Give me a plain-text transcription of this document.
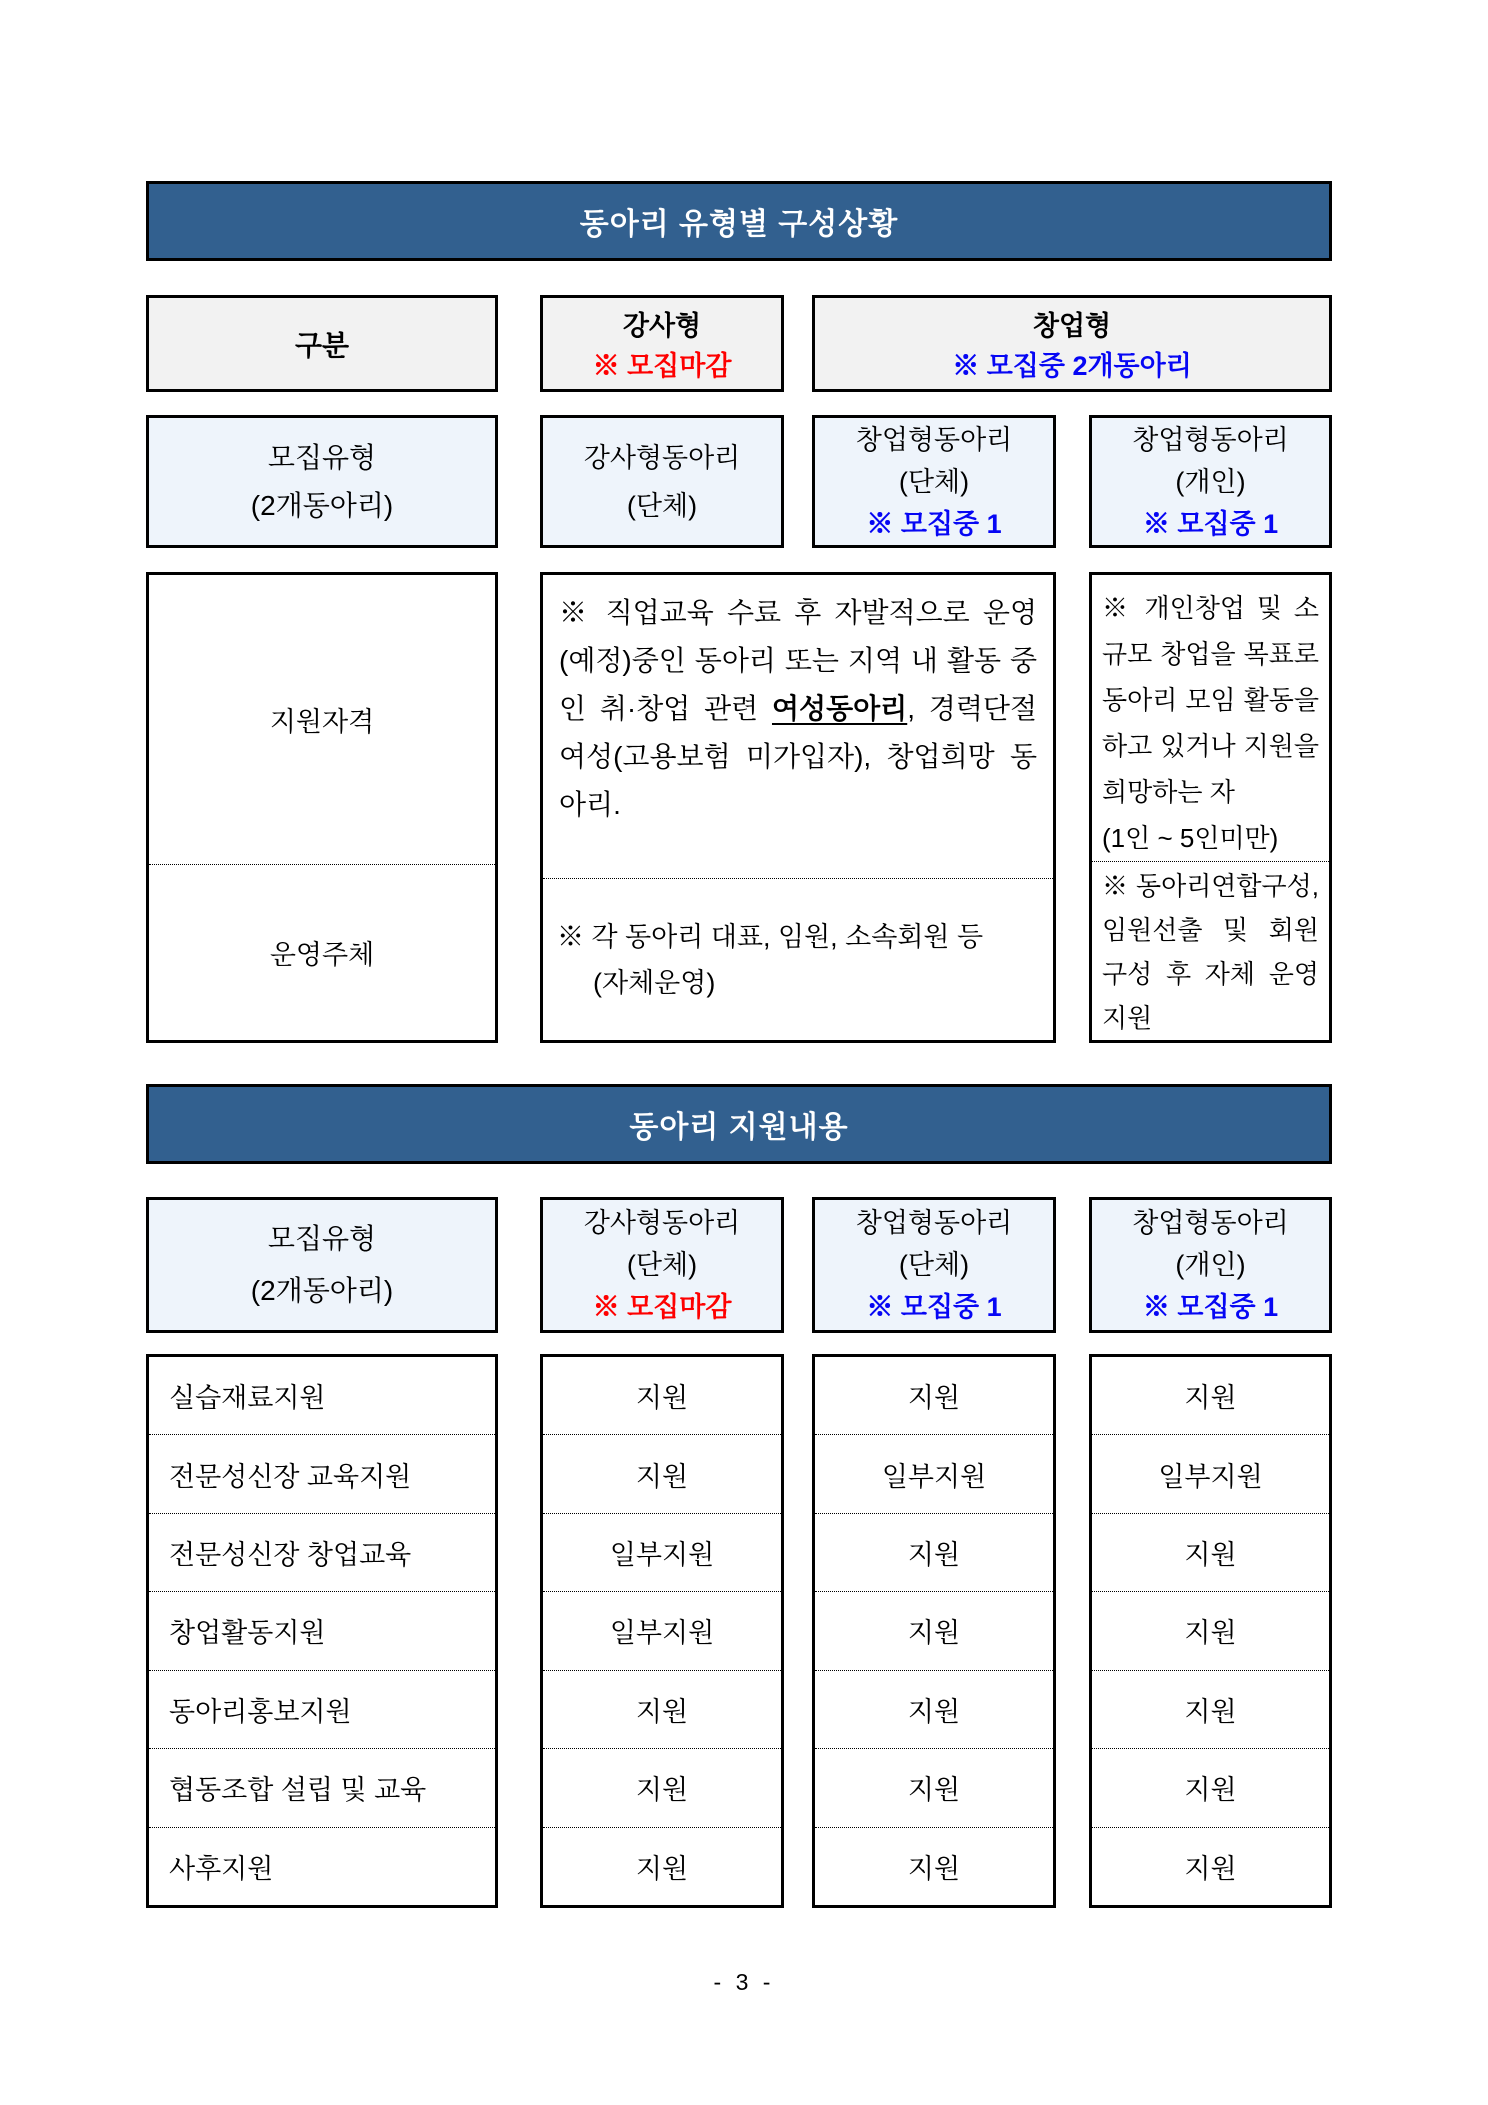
동아리 유형별 구성상황
구분
강사형
※ 모집마감
창업형
※ 모집중 2개동아리
모집유형
(2개동아리)
강사형동아리
(단체)
창업형동아리
(단체)
※ 모집중 1
창업형동아리
(개인)
※ 모집중 1
지원자격
운영주체
※ 직업교육 수료 후 자발적으로 운영(예정)중인 동아리 또는 지역 내 활동 중인 취·창업 관련 여성동아리, 경력단절 여성(고용보험 미가입자), 창업희망 동아리.
※ 각 동아리 대표, 임원, 소속회원 등
(자체운영)
※ 개인창업 및 소규모 창업을 목표로 동아리 모임 활동을 하고 있거나 지원을 희망하는 자
(1인 ~ 5인미만)
※ 동아리연합구성, 임원선출 및 회원 구성 후 자체 운영 지원
동아리 지원내용
모집유형
(2개동아리)
강사형동아리
(단체)
※ 모집마감
창업형동아리
(단체)
※ 모집중 1
창업형동아리
(개인)
※ 모집중 1
실습재료지원
전문성신장 교육지원
전문성신장 창업교육
창업활동지원
동아리홍보지원
협동조합 설립 및 교육
사후지원
지원
지원
일부지원
일부지원
지원
지원
지원
지원
일부지원
지원
지원
지원
지원
지원
지원
일부지원
지원
지원
지원
지원
지원
- 3 -
